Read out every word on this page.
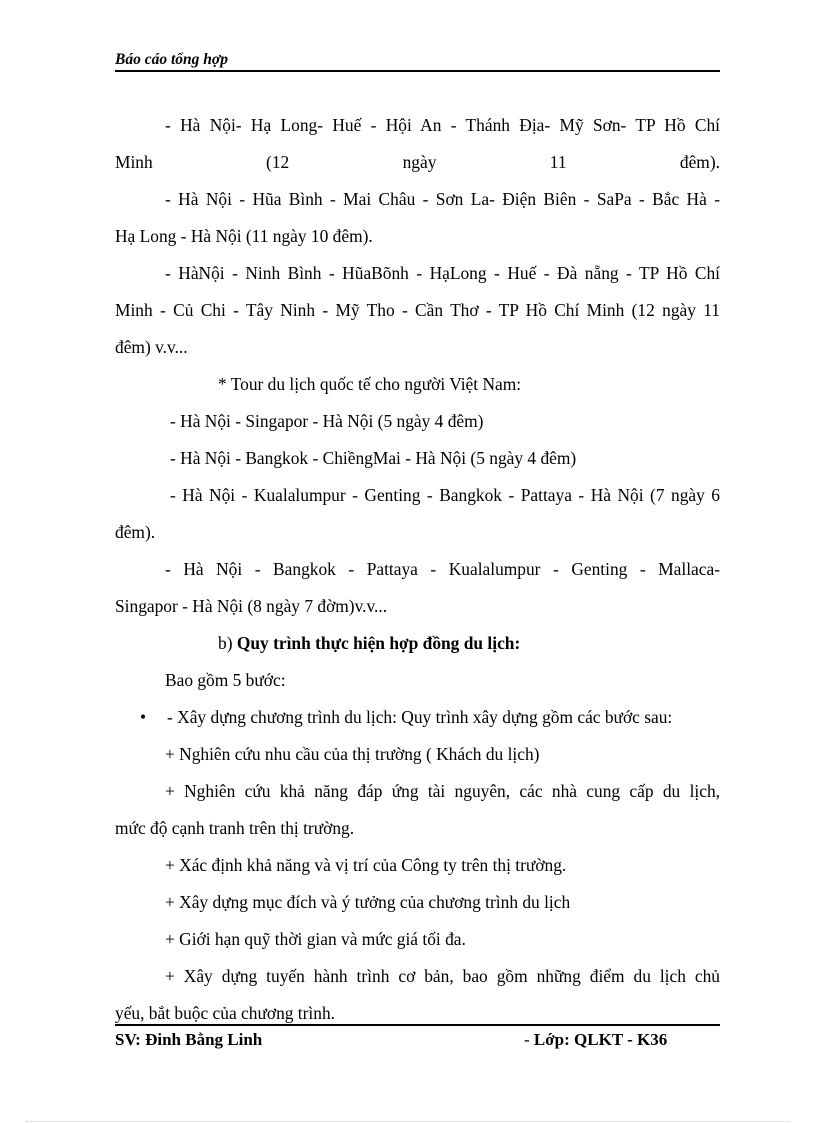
Báo cáo tổng hợp
- Hà Nội- Hạ Long- Huế - Hội An - Thánh Địa- Mỹ Sơn- TP Hồ Chí
Minh	(12	ngày	11	đêm).
- Hà Nội - Hũa Bình - Mai Châu - Sơn La- Điện Biên - SaPa - Bắc Hà -
Hạ Long - Hà Nội (11 ngày 10 đêm).
- HàNội - Ninh Bình - HũaBõnh - HạLong - Huế - Đà nẵng - TP Hồ Chí
Minh - Củ Chi - Tây Ninh - Mỹ Tho - Cần Thơ - TP Hồ Chí Minh (12 ngày 11
đêm) v.v...
* Tour du lịch quốc tế cho người Việt Nam:
- Hà Nội - Singapor - Hà Nội (5 ngày 4 đêm)
- Hà Nội - Bangkok - ChiềngMai - Hà Nội (5 ngày 4 đêm)
- Hà Nội - Kualalumpur - Genting - Bangkok - Pattaya - Hà Nội (7 ngày 6
đêm).
- Hà Nội - Bangkok - Pattaya - Kualalumpur - Genting - Mallaca-
Singapor - Hà Nội (8 ngày 7 đờm)v.v...
b) Quy trình thực hiện hợp đồng du lịch:
Bao gồm 5 bước:
• - Xây dựng chương trình du lịch: Quy trình xây dựng gồm các bước sau:
+ Nghiên cứu nhu cầu của thị trường ( Khách du lịch)
+ Nghiên cứu khả năng đáp ứng tài nguyên, các nhà cung cấp du lịch,
mức độ cạnh tranh trên thị trường.
+ Xác định khả năng và vị trí của Công ty trên thị trường.
+ Xây dựng mục đích và ý tưởng của chương trình du lịch
+ Giới hạn quỹ thời gian và mức giá tối đa.
+ Xây dựng tuyến hành trình cơ bản, bao gồm những điểm du lịch chủ
yếu, bắt buộc của chương trình.
SV: Đinh Bằng Linh	- Lớp: QLKT - K36
